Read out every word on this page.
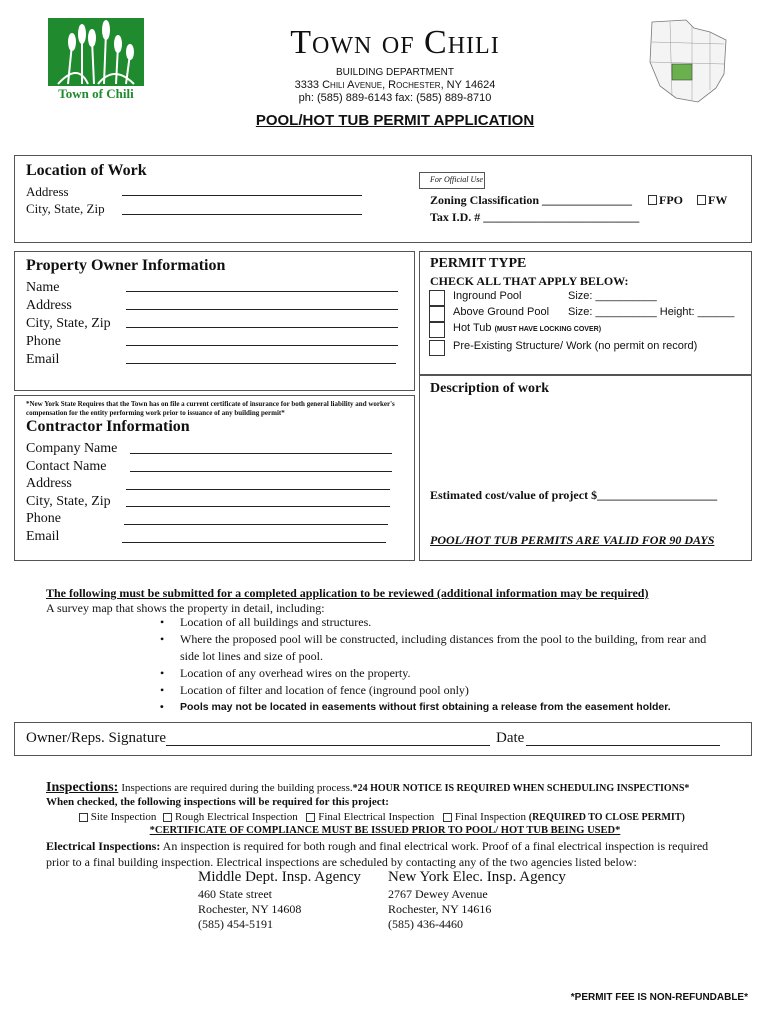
Town of Chili
Town of Chili
BUILDING DEPARTMENT
3333 Chili Avenue, Rochester, NY 14624
ph: (585) 889-6143 fax: (585) 889-8710
POOL/HOT TUB PERMIT APPLICATION
Location of Work
Address
City, State, Zip
For Official Use
Zoning Classification _______________ FPO FW
Tax I.D. # __________________________
Property Owner Information
Name
Address
City, State, Zip
Phone
Email
PERMIT TYPE
CHECK ALL THAT APPLY BELOW:
Inground Pool	Size: __________
Above Ground Pool Size: __________ Height: ______
Hot Tub (MUST HAVE LOCKING COVER)
Pre-Existing Structure/ Work (no permit on record)
Description of work
Estimated cost/value of project $____________________
POOL/HOT TUB PERMITS ARE VALID FOR 90 DAYS
*New York State Requires that the Town has on file a current certificate of insurance for both general liability and worker's compensation for the entity performing work prior to issuance of any building permit*
Contractor Information
Company Name
Contact Name
Address
City, State, Zip
Phone
Email
The following must be submitted for a completed application to be reviewed (additional information may be required)
A survey map that shows the property in detail, including:
• Location of all buildings and structures.
• Where the proposed pool will be constructed, including distances from the pool to the building, from rear and side lot lines and size of pool.
• Location of any overhead wires on the property.
• Location of filter and location of fence (inground pool only)
• Pools may not be located in easements without first obtaining a release from the easement holder.
Owner/Reps. Signature	Date
Inspections: Inspections are required during the building process.*24 HOUR NOTICE IS REQUIRED WHEN SCHEDULING INSPECTIONS*
When checked, the following inspections will be required for this project:
Site Inspection Rough Electrical Inspection Final Electrical Inspection Final Inspection (REQUIRED TO CLOSE PERMIT)
*CERTIFICATE OF COMPLIANCE MUST BE ISSUED PRIOR TO POOL/ HOT TUB BEING USED*
Electrical Inspections: An inspection is required for both rough and final electrical work. Proof of a final electrical inspection is required prior to a final building inspection. Electrical inspections are scheduled by contacting any of the two agencies listed below:
Middle Dept. Insp. Agency
460 State street
Rochester, NY 14608
(585) 454-5191
New York Elec. Insp. Agency
2767 Dewey Avenue
Rochester, NY 14616
(585) 436-4460
*PERMIT FEE IS NON-REFUNDABLE*
